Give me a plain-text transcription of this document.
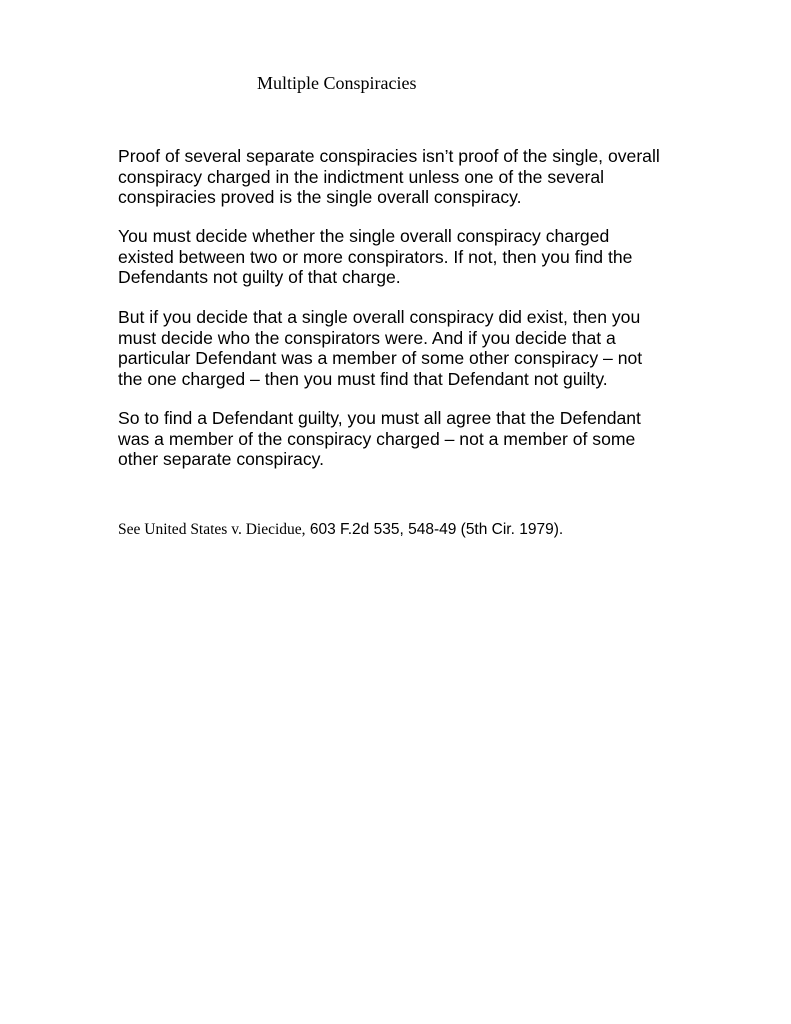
Multiple Conspiracies
Proof of several separate conspiracies isn’t proof of the single, overall
conspiracy charged in the indictment unless one of the several
conspiracies proved is the single overall conspiracy.
You must decide whether the single overall conspiracy charged
existed between two or more conspirators. If not, then you find the
Defendants not guilty of that charge.
But if you decide that a single overall conspiracy did exist, then you
must decide who the conspirators were. And if you decide that a
particular Defendant was a member of some other conspiracy – not
the one charged – then you must find that Defendant not guilty.
So to find a Defendant guilty, you must all agree that the Defendant
was a member of the conspiracy charged – not a member of some
other separate conspiracy.
See United States v. Diecidue, 603 F.2d 535, 548-49 (5th Cir. 1979).
